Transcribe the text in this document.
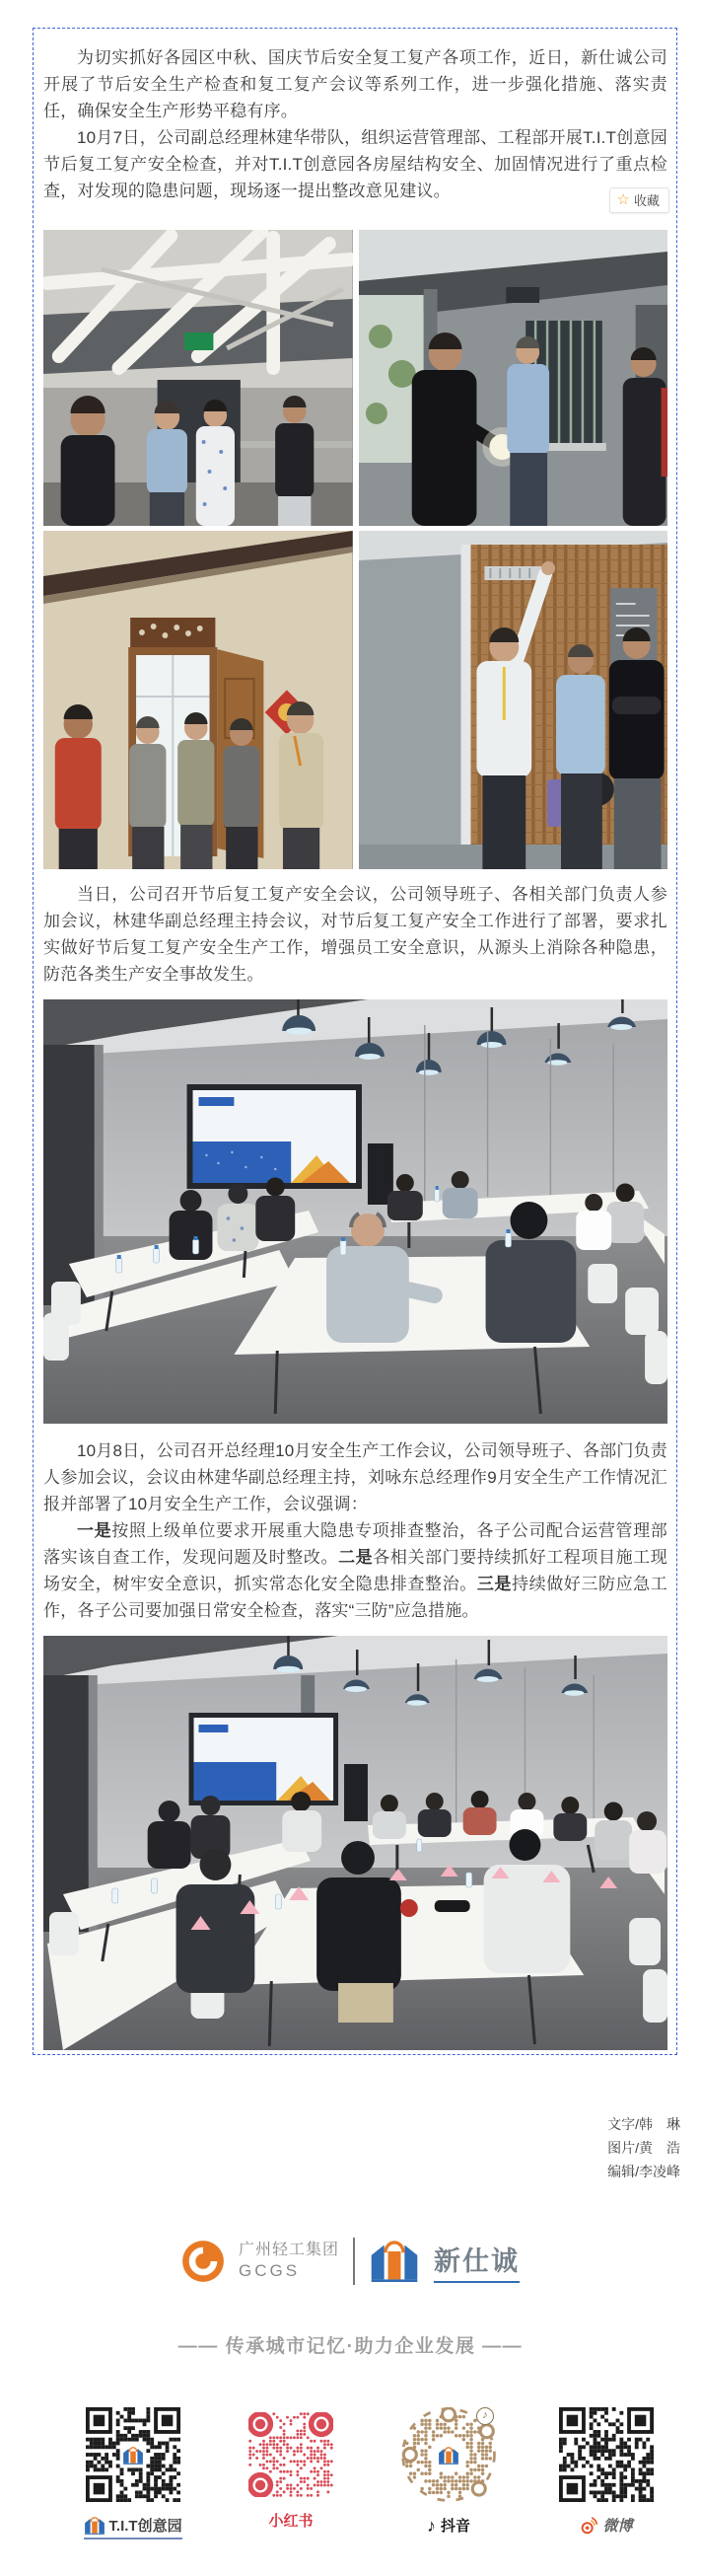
为切实抓好各园区中秋、国庆节后安全复工复产各项工作，近日，新仕诚公司开展了节后安全生产检查和复工复产会议等系列工作，进一步强化措施、落实责任，确保安全生产形势平稳有序。

10月7日，公司副总经理林建华带队，组织运营管理部、工程部开展T.I.T创意园节后复工复产安全检查，并对T.I.T创意园各房屋结构安全、加固情况进行了重点检查，对发现的隐患问题，现场逐一提出整改意见建议。	☆ 收藏

当日，公司召开节后复工复产安全会议，公司领导班子、各相关部门负责人参加会议，林建华副总经理主持会议，对节后复工复产安全工作进行了部署，要求扎实做好节后复工复产安全生产工作，增强员工安全意识，从源头上消除各种隐患，防范各类生产安全事故发生。

10月8日，公司召开总经理10月安全生产工作会议，公司领导班子、各部门负责人参加会议，会议由林建华副总经理主持，刘咏东总经理作9月安全生产工作情况汇报并部署了10月安全生产工作，会议强调：

一是按照上级单位要求开展重大隐患专项排查整治，各子公司配合运营管理部落实该自查工作，发现问题及时整改。二是各相关部门要持续抓好工程项目施工现场安全，树牢安全意识，抓实常态化安全隐患排查整治。三是持续做好三防应急工作，各子公司要加强日常安全检查，落实“三防”应急措施。

文字/韩　琳
图片/黄　浩
编辑/李凌峰
广州轻工集团
GCGS	新仕诚
—— 传承城市记忆·助力企业发展 ——
T.I.T创意园	小红书
♪
♪ 抖音	微博
